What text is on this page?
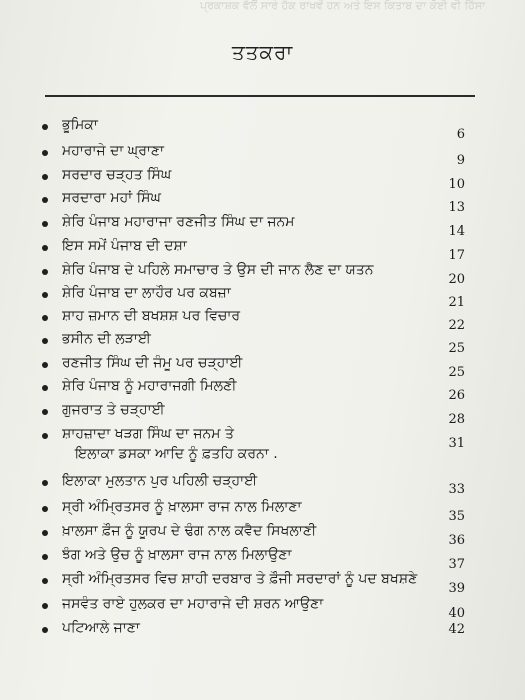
ਪ੍ਰਕਾਸ਼ਕ ਵੱਲੋਂ ਸਾਰੇ ਹੱਕ ਰਾਖਵੇਂ ਹਨ ਅਤੇ ਇਸ ਕਿਤਾਬ ਦਾ ਕੋਈ ਵੀ ਹਿੱਸਾ
ਤਤਕਰਾ
ਭੂਮਿਕਾ
6
ਮਹਾਰਾਜੇ ਦਾ ਘ੍ਰਾਣਾ
9
ਸਰਦਾਰ ਚੜ੍ਹਤ ਸਿੰਘ
10
ਸਰਦਾਰਾ ਮਹਾਂ ਸਿੰਘ
13
ਸ਼ੇਰਿ ਪੰਜਾਬ ਮਹਾਰਾਜਾ ਰਣਜੀਤ ਸਿੰਘ ਦਾ ਜਨਮ
14
ਇਸ ਸਮੇਂ ਪੰਜਾਬ ਦੀ ਦਸ਼ਾ
17
ਸ਼ੇਰਿ ਪੰਜਾਬ ਦੇ ਪਹਿਲੇ ਸਮਾਚਾਰ ਤੇ ਉਸ ਦੀ ਜਾਨ ਲੈਣ ਦਾ ਯਤਨ
20
ਸ਼ੇਰਿ ਪੰਜਾਬ ਦਾ ਲਾਹੌਰ ਪਰ ਕਬਜ਼ਾ
21
ਸ਼ਾਹ ਜ਼ਮਾਨ ਦੀ ਬਖਸ਼ਸ਼ ਪਰ ਵਿਚਾਰ
22
ਭਸੀਨ ਦੀ ਲੜਾਈ
25
ਰਣਜੀਤ ਸਿੰਘ ਦੀ ਜੰਮੂ ਪਰ ਚੜ੍ਹਾਈ
25
ਸ਼ੇਰਿ ਪੰਜਾਬ ਨੂੰ ਮਹਾਰਾਜਗੀ ਮਿਲਣੀ
26
ਗੁਜਰਾਤ ਤੇ ਚੜ੍ਹਾਈ
28
ਸ਼ਾਹਜ਼ਾਦਾ ਖੜਗ ਸਿੰਘ ਦਾ ਜਨਮ ਤੇ
31
ਇਲਾਕਾ ਡਸਕਾ ਆਦਿ ਨੂੰ ਫ਼ਤਹਿ ਕਰਨਾ .
ਇਲਾਕਾ ਮੁਲਤਾਨ ਪੁਰ ਪਹਿਲੀ ਚੜ੍ਹਾਈ
33
ਸ੍ਰੀ ਅੰਮ੍ਰਿਤਸਰ ਨੂੰ ਖ਼ਾਲਸਾ ਰਾਜ ਨਾਲ ਮਿਲਾਣਾ
35
ਖ਼ਾਲਸਾ ਫ਼ੌਜ ਨੂੰ ਯੂਰਪ ਦੇ ਢੰਗ ਨਾਲ ਕਵੈਦ ਸਿਖਲਾਣੀ
36
ਝੰਗ ਅਤੇ ਉਚ ਨੂੰ ਖ਼ਾਲਸਾ ਰਾਜ ਨਾਲ ਮਿਲਾਉਣਾ
37
ਸ੍ਰੀ ਅੰਮ੍ਰਿਤਸਰ ਵਿਚ ਸ਼ਾਹੀ ਦਰਬਾਰ ਤੇ ਫ਼ੌਜੀ ਸਰਦਾਰਾਂ ਨੂੰ ਪਦ ਬਖਸ਼ਣੇ
39
ਜਸਵੰਤ ਰਾਏ ਹੁਲਕਰ ਦਾ ਮਹਾਰਾਜੇ ਦੀ ਸ਼ਰਨ ਆਉਣਾ
40
ਪਟਿਆਲੇ ਜਾਣਾ	42
